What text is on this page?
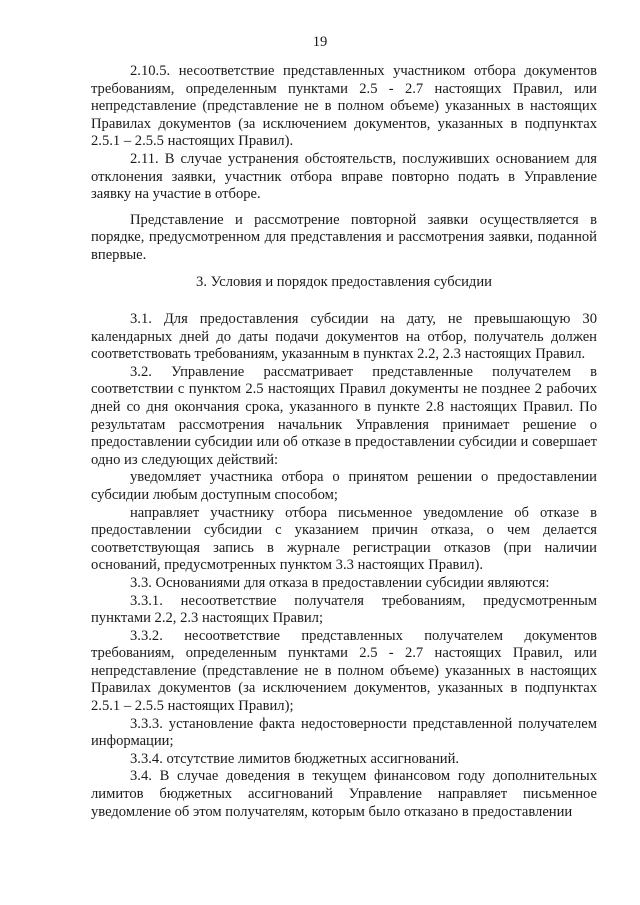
19

2.10.5. несоответствие представленных участником отбора документов требованиям, определенным пунктами 2.5 - 2.7 настоящих Правил, или непредставление (представление не в полном объеме) указанных в настоящих Правилах документов (за исключением документов, указанных в подпунктах 2.5.1 – 2.5.5 настоящих Правил).

2.11. В случае устранения обстоятельств, послуживших основанием для отклонения заявки, участник отбора вправе повторно подать в Управление заявку на участие в отборе.

Представление и рассмотрение повторной заявки осуществляется в порядке, предусмотренном для представления и рассмотрения заявки, поданной впервые.

3. Условия и порядок предоставления субсидии

3.1. Для предоставления субсидии на дату, не превышающую 30 календарных дней до даты подачи документов на отбор, получатель должен соответствовать требованиям, указанным в пунктах 2.2, 2.3 настоящих Правил.

3.2. Управление рассматривает представленные получателем в соответствии с пунктом 2.5 настоящих Правил документы не позднее 2 рабочих дней со дня окончания срока, указанного в пункте 2.8 настоящих Правил. По результатам рассмотрения начальник Управления принимает решение о предоставлении субсидии или об отказе в предоставлении субсидии и совершает одно из следующих действий:

уведомляет участника отбора о принятом решении о предоставлении субсидии любым доступным способом;

направляет участнику отбора письменное уведомление об отказе в предоставлении субсидии с указанием причин отказа, о чем делается соответствующая запись в журнале регистрации отказов (при наличии оснований, предусмотренных пунктом 3.3 настоящих Правил).

3.3. Основаниями для отказа в предоставлении субсидии являются:

3.3.1. несоответствие получателя требованиям, предусмотренным пунктами 2.2, 2.3 настоящих Правил;

3.3.2. несоответствие представленных получателем документов требованиям, определенным пунктами 2.5 - 2.7 настоящих Правил, или непредставление (представление не в полном объеме) указанных в настоящих Правилах документов (за исключением документов, указанных в подпунктах 2.5.1 – 2.5.5 настоящих Правил);

3.3.3. установление факта недостоверности представленной получателем информации;

3.3.4. отсутствие лимитов бюджетных ассигнований.

3.4. В случае доведения в текущем финансовом году дополнительных лимитов бюджетных ассигнований Управление направляет письменное уведомление об этом получателям, которым было отказано в предоставлении
